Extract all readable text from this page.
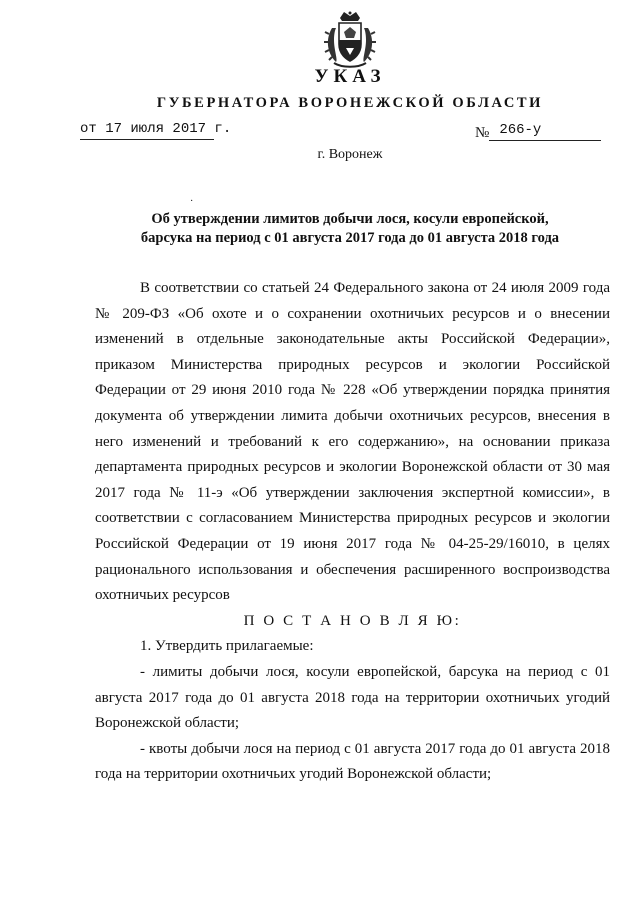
УКАЗ
ГУБЕРНАТОРА ВОРОНЕЖСКОЙ ОБЛАСТИ
от 17 июля 2017 г.	№ 266-у
г. Воронеж
·
Об утверждении лимитов добычи лося, косули европейской,
барсука на период с 01 августа 2017 года до 01 августа 2018 года

В соответствии со статьей 24 Федерального закона от 24 июля 2009 года № 209-ФЗ «Об охоте и о сохранении охотничьих ресурсов и о внесении изменений в отдельные законодательные акты Российской Федерации», приказом Министерства природных ресурсов и экологии Российской Федерации от 29 июня 2010 года № 228 «Об утверждении порядка принятия документа об утверждении лимита добычи охотничьих ресурсов, внесения в него изменений и требований к его содержанию», на основании приказа департамента природных ресурсов и экологии Воронежской области от 30 мая 2017 года № 11-э «Об утверждении заключения экспертной комиссии», в соответствии с согласованием Министерства природных ресурсов и экологии Российской Федерации от 19 июня 2017 года № 04-25-29/16010, в целях рационального использования и обеспечения расширенного воспроизводства охотничьих ресурсов

П О С Т А Н О В Л Я Ю:

1. Утвердить прилагаемые:

- лимиты добычи лося, косули европейской, барсука на период с 01 августа 2017 года до 01 августа 2018 года на территории охотничьих угодий Воронежской области;

- квоты добычи лося на период с 01 августа 2017 года до 01 августа 2018 года на территории охотничьих угодий Воронежской области;
